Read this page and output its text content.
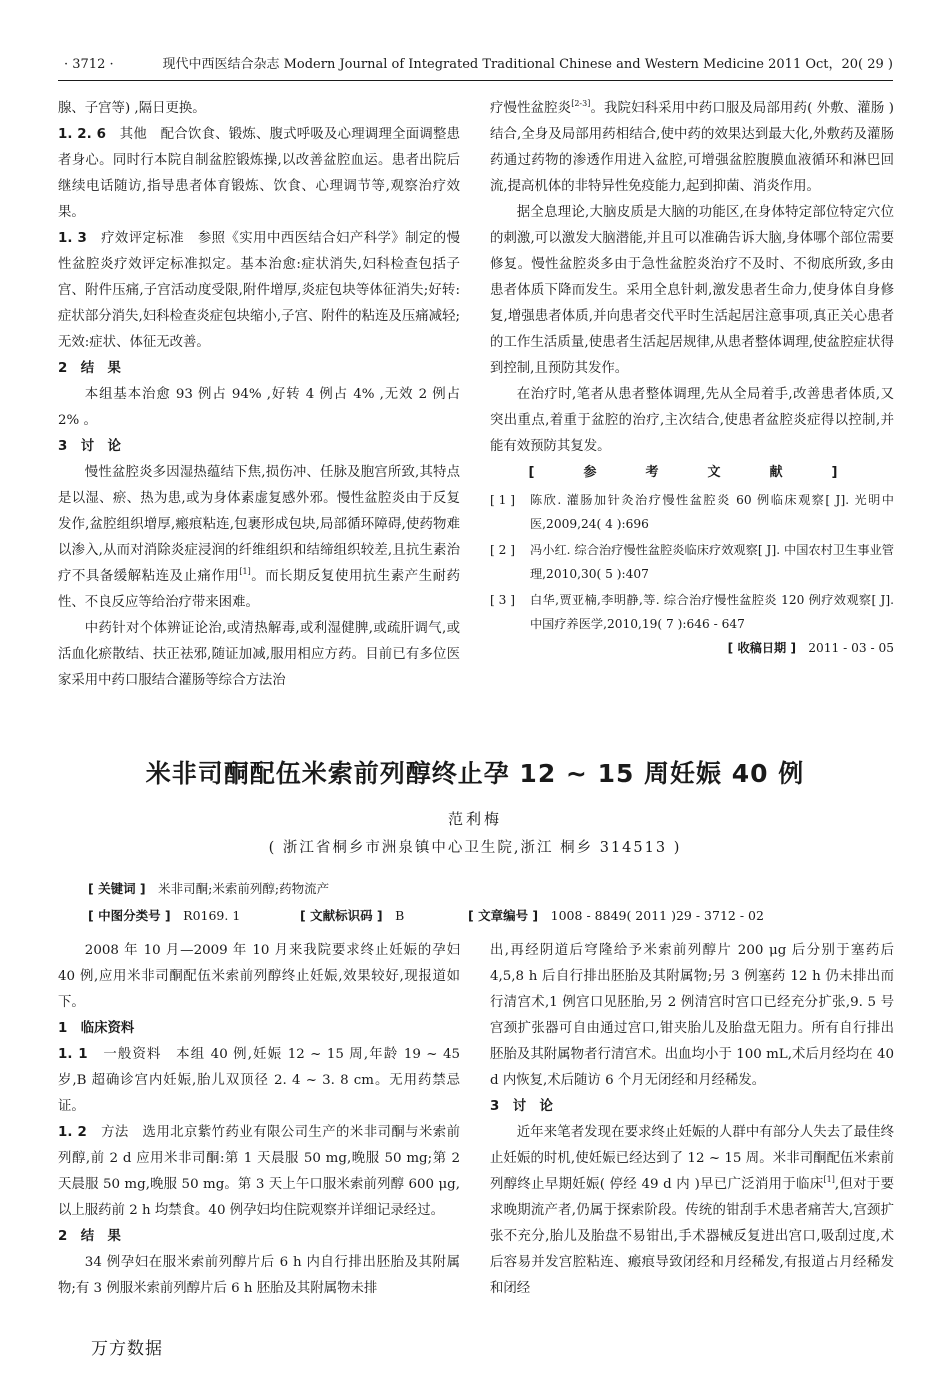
· 3712 ·	现代中西医结合杂志 Modern Journal of Integrated Traditional Chinese and Western Medicine 2011 Oct，20( 29 )

腺、子宫等) ,隔日更换。

1. 2. 6　 其他　配合饮食、锻炼、腹式呼吸及心理调理全面调整患者身心。同时行本院自制盆腔锻炼操,以改善盆腔血运。患者出院后继续电话随访,指导患者体育锻炼、饮食、心理调节等,观察治疗效果。

1. 3　 疗效评定标准　参照《实用中西医结合妇产科学》制定的慢性盆腔炎疗效评定标准拟定。基本治愈:症状消失,妇科检查包括子宫、附件压痛,子宫活动度受限,附件增厚,炎症包块等体征消失;好转:症状部分消失,妇科检查炎症包块缩小,子宫、附件的粘连及压痛减轻;无效:症状、体征无改善。

2　结　果

本组基本治愈 93 例占 94% ,好转 4 例占 4% ,无效 2 例占 2% 。

3　讨　论

慢性盆腔炎多因湿热蕴结下焦,损伤冲、任脉及胞宫所致,其特点是以湿、瘀、热为患,或为身体素虚复感外邪。慢性盆腔炎由于反复发作,盆腔组织增厚,瘢痕粘连,包裹形成包块,局部循环障碍,使药物难以渗入,从而对消除炎症浸润的纤维组织和结缔组织较差,且抗生素治疗不具备缓解粘连及止痛作用[1]。而长期反复使用抗生素产生耐药性、不良反应等给治疗带来困难。

中药针对个体辨证论治,或清热解毒,或利湿健脾,或疏肝调气,或活血化瘀散结、扶正祛邪,随证加减,服用相应方药。目前已有多位医家采用中药口服结合灌肠等综合方法治

疗慢性盆腔炎[2-3]。我院妇科采用中药口服及局部用药( 外敷、灌肠 )结合,全身及局部用药相结合,使中药的效果达到最大化,外敷药及灌肠药通过药物的渗透作用进入盆腔,可增强盆腔腹膜血液循环和淋巴回流,提高机体的非特异性免疫能力,起到抑菌、消炎作用。

据全息理论,大脑皮质是大脑的功能区,在身体特定部位特定穴位的刺激,可以激发大脑潜能,并且可以准确告诉大脑,身体哪个部位需要修复。慢性盆腔炎多由于急性盆腔炎治疗不及时、不彻底所致,多由患者体质下降而发生。采用全息针刺,激发患者生命力,使身体自身修复,增强患者体质,并向患者交代平时生活起居注意事项,真正关心患者的工作生活质量,使患者生活起居规律,从患者整体调理,使盆腔症状得到控制,且预防其发作。

在治疗时,笔者从患者整体调理,先从全局着手,改善患者体质,又突出重点,着重于盆腔的治疗,主次结合,使患者盆腔炎症得以控制,并能有效预防其复发。

[　参　考　文　献　]

[ 1 ] 陈欣. 灌肠加针灸治疗慢性盆腔炎 60 例临床观察[ J]. 光明中医,2009,24( 4 ):696
[ 2 ] 冯小红. 综合治疗慢性盆腔炎临床疗效观察[ J]. 中国农村卫生事业管理,2010,30( 5 ):407
[ 3 ] 白华,贾亚楠,李明静,等. 综合治疗慢性盆腔炎 120 例疗效观察[ J]. 中国疗养医学,2010,19( 7 ):646 - 647

[ 收稿日期 ]　 2011 - 03 - 05

米非司酮配伍米索前列醇终止孕 12 ~ 15 周妊娠 40 例
范利梅
( 浙江省桐乡市洲泉镇中心卫生院,浙江 桐乡 314513 )
[ 关键词 ]　 米非司酮;米索前列醇;药物流产
[ 中图分类号 ]　 R0169. 1	[ 文献标识码 ]　 B	[ 文章编号 ]　 1008 - 8849( 2011 )29 - 3712 - 02

2008 年 10 月—2009 年 10 月来我院要求终止妊娠的孕妇 40 例,应用米非司酮配伍米索前列醇终止妊娠,效果较好,现报道如下。

1　临床资料

1. 1　 一般资料　本组 40 例,妊娠 12 ~ 15 周,年龄 19 ~ 45 岁,B 超确诊宫内妊娠,胎儿双顶径 2. 4 ~ 3. 8 cm。无用药禁忌证。

1. 2　 方法　选用北京紫竹药业有限公司生产的米非司酮与米索前列醇,前 2 d 应用米非司酮:第 1 天晨服 50 mg,晚服 50 mg;第 2 天晨服 50 mg,晚服 50 mg。第 3 天上午口服米索前列醇 600 μg,以上服药前 2 h 均禁食。40 例孕妇均住院观察并详细记录经过。

2　结　果

34 例孕妇在服米索前列醇片后 6 h 内自行排出胚胎及其附属物;有 3 例服米索前列醇片后 6 h 胚胎及其附属物未排

出,再经阴道后穹隆给予米索前列醇片 200 μg 后分别于塞药后 4,5,8 h 后自行排出胚胎及其附属物;另 3 例塞药 12 h 仍未排出而行清宫术,1 例宫口见胚胎,另 2 例清宫时宫口已经充分扩张,9. 5 号宫颈扩张器可自由通过宫口,钳夹胎儿及胎盘无阻力。所有自行排出胚胎及其附属物者行清宫术。出血均小于 100 mL,术后月经均在 40 d 内恢复,术后随访 6 个月无闭经和月经稀发。

3　讨　论

近年来笔者发现在要求终止妊娠的人群中有部分人失去了最佳终止妊娠的时机,使妊娠已经达到了 12 ~ 15 周。米非司酮配伍米索前列醇终止早期妊娠( 停经 49 d 内 )早已广泛消用于临床[1],但对于要求晚期流产者,仍属于探索阶段。传统的钳刮手术患者痛苦大,宫颈扩张不充分,胎儿及胎盘不易钳出,手术器械反复进出宫口,吸刮过度,术后容易并发宫腔粘连、瘢痕导致闭经和月经稀发,有报道占月经稀发和闭经

万方数据
